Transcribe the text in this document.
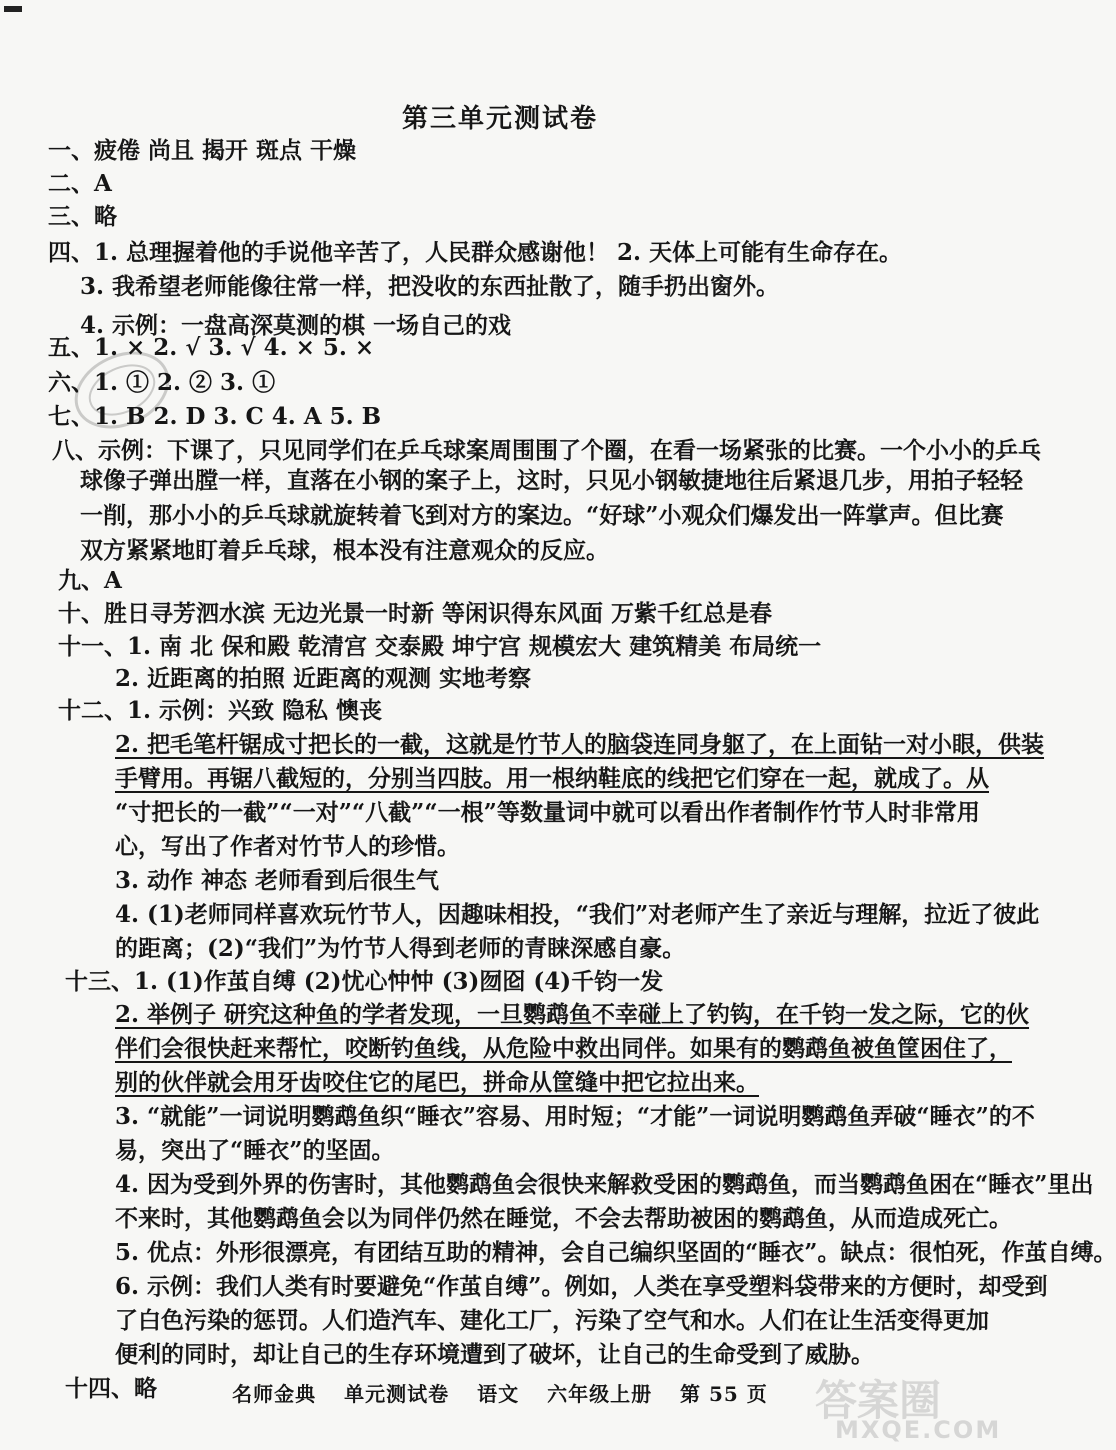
第三单元测试卷
一、疲倦 尚且 揭开 斑点 干燥
二、A
三、略
四、1. 总理握着他的手说他辛苦了，人民群众感谢他！ 2. 天体上可能有生命存在。
3. 我希望老师能像往常一样，把没收的东西扯散了，随手扔出窗外。
4. 示例：一盘高深莫测的棋 一场自己的戏
五、1. × 2. √ 3. √ 4. × 5. ×
六、1. ① 2. ② 3. ①
七、1. B 2. D 3. C 4. A 5. B
八、示例：下课了，只见同学们在乒乓球案周围围了个圈，在看一场紧张的比赛。一个小小的乒乓
球像子弹出膛一样，直落在小钢的案子上，这时，只见小钢敏捷地往后紧退几步，用拍子轻轻
一削，那小小的乒乓球就旋转着飞到对方的案边。“好球”小观众们爆发出一阵掌声。但比赛
双方紧紧地盯着乒乓球，根本没有注意观众的反应。
九、A
十、胜日寻芳泗水滨 无边光景一时新 等闲识得东风面 万紫千红总是春
十一、1. 南 北 保和殿 乾清宫 交泰殿 坤宁宫 规模宏大 建筑精美 布局统一
2. 近距离的拍照 近距离的观测 实地考察
十二、1. 示例：兴致 隐私 懊丧
2. 把毛笔杆锯成寸把长的一截，这就是竹节人的脑袋连同身躯了，在上面钻一对小眼，供装
手臂用。再锯八截短的，分别当四肢。用一根纳鞋底的线把它们穿在一起，就成了。从
“寸把长的一截”“一对”“八截”“一根”等数量词中就可以看出作者制作竹节人时非常用
心，写出了作者对竹节人的珍惜。
3. 动作 神态 老师看到后很生气
4. (1)老师同样喜欢玩竹节人，因趣味相投，“我们”对老师产生了亲近与理解，拉近了彼此
的距离；(2)“我们”为竹节人得到老师的青睐深感自豪。
十三、1. (1)作茧自缚 (2)忧心忡忡 (3)囫囵 (4)千钧一发
2. 举例子 研究这种鱼的学者发现，一旦鹦鹉鱼不幸碰上了钓钩，在千钧一发之际，它的伙
伴们会很快赶来帮忙，咬断钓鱼线，从危险中救出同伴。如果有的鹦鹉鱼被鱼筐困住了，
别的伙伴就会用牙齿咬住它的尾巴，拼命从筐缝中把它拉出来。
3. “就能”一词说明鹦鹉鱼织“睡衣”容易、用时短；“才能”一词说明鹦鹉鱼弄破“睡衣”的不
易，突出了“睡衣”的坚固。
4. 因为受到外界的伤害时，其他鹦鹉鱼会很快来解救受困的鹦鹉鱼，而当鹦鹉鱼困在“睡衣”里出
不来时，其他鹦鹉鱼会以为同伴仍然在睡觉，不会去帮助被困的鹦鹉鱼，从而造成死亡。
5. 优点：外形很漂亮，有团结互助的精神，会自己编织坚固的“睡衣”。缺点：很怕死，作茧自缚。
6. 示例：我们人类有时要避免“作茧自缚”。例如，人类在享受塑料袋带来的方便时，却受到
了白色污染的惩罚。人们造汽车、建化工厂，污染了空气和水。人们在让生活变得更加
便利的同时，却让自己的生存环境遭到了破坏，让自己的生命受到了威胁。
十四、略	名师金典 单元测试卷 语文 六年级上册 第 55 页	答案圈
MXQE.COM
